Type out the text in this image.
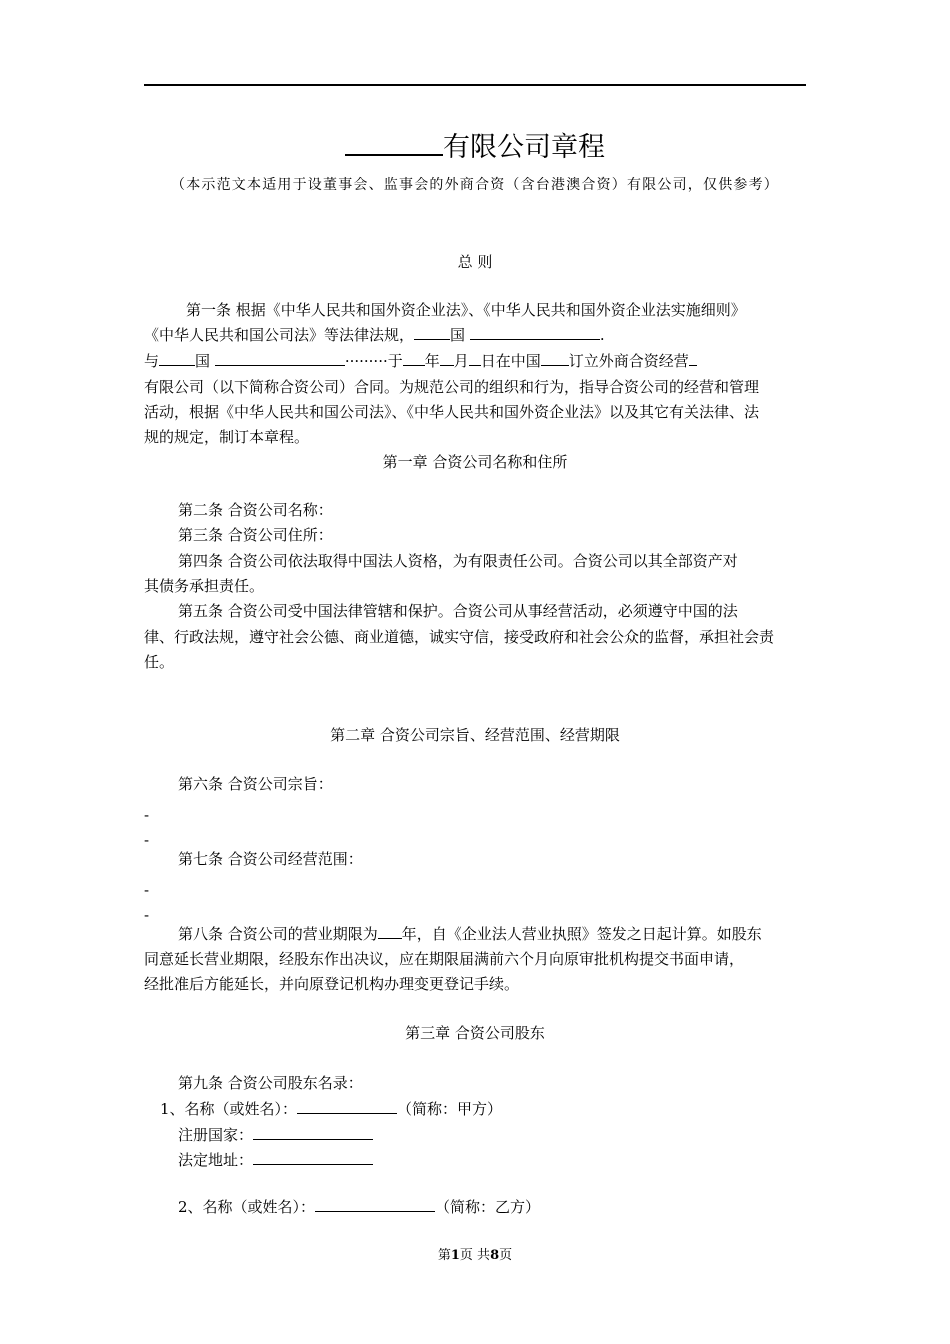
有限公司章程
（本示范文本适用于设董事会、监事会的外商合资（含台港澳合资）有限公司，仅供参考）
总 则
第一条 根据《中华人民共和国外资企业法》、《中华人民共和国外资企业法实施细则》
《中华人民共和国公司法》等法律法规， 国	.
与 国	·········于 年 月 日在中国 订立外商合资经营
有限公司（以下简称合资公司）合同。为规范公司的组织和行为，指导合资公司的经营和管理
活动，根据《中华人民共和国公司法》、《中华人民共和国外资企业法》以及其它有关法律、法
规的规定，制订本章程。
第一章 合资公司名称和住所
第二条 合资公司名称：
第三条 合资公司住所：
第四条 合资公司依法取得中国法人资格，为有限责任公司。合资公司以其全部资产对
其债务承担责任。
第五条 合资公司受中国法律管辖和保护。合资公司从事经营活动，必须遵守中国的法
律、行政法规，遵守社会公德、商业道德，诚实守信，接受政府和社会公众的监督，承担社会责
任。
第二章 合资公司宗旨、经营范围、经营期限
第六条 合资公司宗旨：
-
-
第七条 合资公司经营范围：
-
-
第八条 合资公司的营业期限为 年，自《企业法人营业执照》签发之日起计算。如股东
同意延长营业期限，经股东作出决议，应在期限届满前六个月向原审批机构提交书面申请，
经批准后方能延长，并向原登记机构办理变更登记手续。
第三章 合资公司股东
第九条 合资公司股东名录：
1、名称（或姓名）：	（简称：甲方）
注册国家：
法定地址：
2、名称（或姓名）：	（简称：乙方）
第1页 共8页
